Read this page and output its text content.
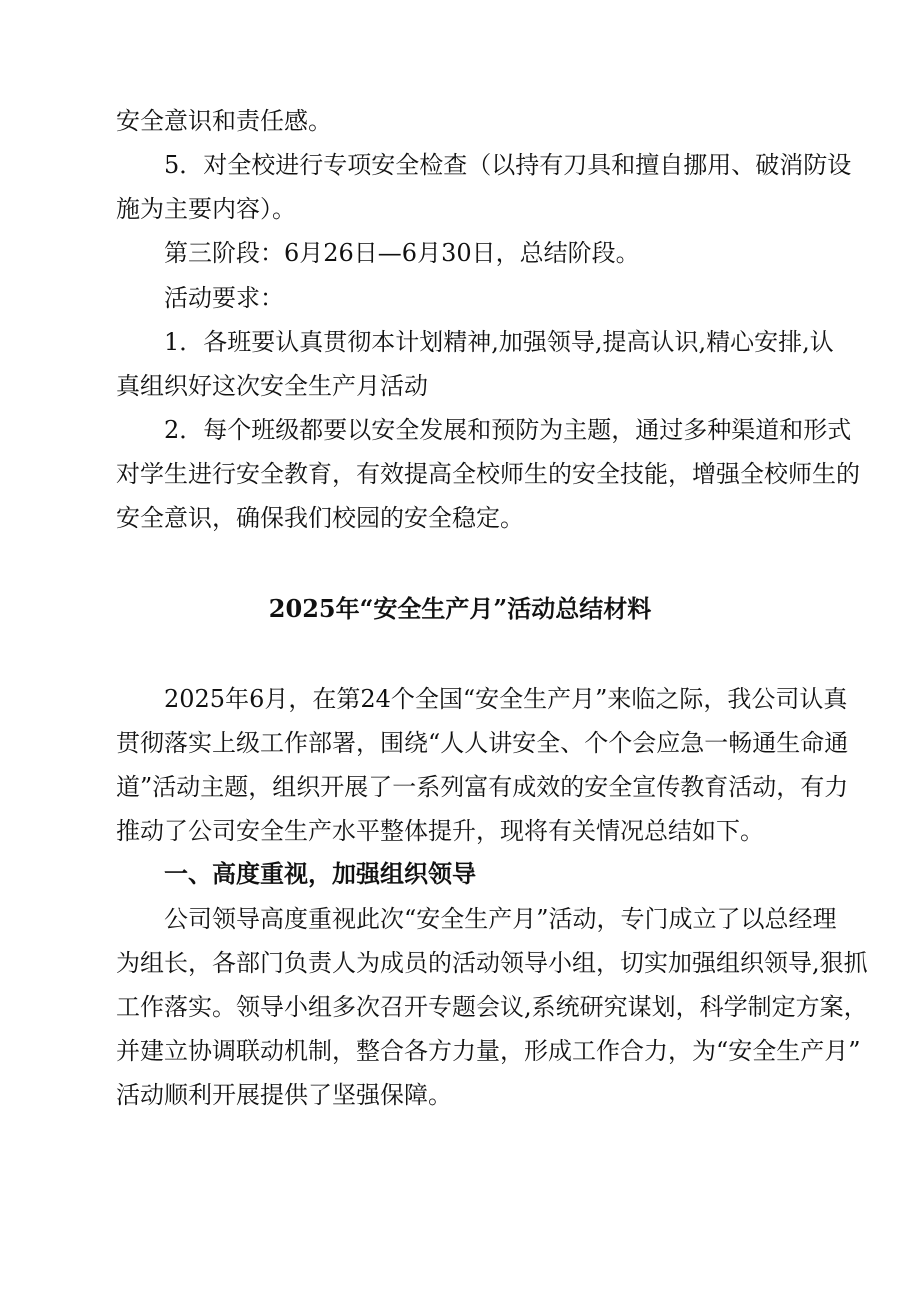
安全意识和责任感。
5．对全校进行专项安全检查（以持有刀具和擅自挪用、破消防设
施为主要内容）。
第三阶段：6月26日—6月30日，总结阶段。
活动要求：
1．各班要认真贯彻本计划精神,加强领导,提高认识,精心安排,认
真组织好这次安全生产月活动
2．每个班级都要以安全发展和预防为主题，通过多种渠道和形式
对学生进行安全教育，有效提高全校师生的安全技能，增强全校师生的
安全意识，确保我们校园的安全稳定。
2025年“安全生产月”活动总结材料
2025年6月，在第24个全国“安全生产月”来临之际，我公司认真
贯彻落实上级工作部署，围绕“人人讲安全、个个会应急一畅通生命通
道”活动主题，组织开展了一系列富有成效的安全宣传教育活动，有力
推动了公司安全生产水平整体提升，现将有关情况总结如下。
一、高度重视，加强组织领导
公司领导高度重视此次“安全生产月”活动，专门成立了以总经理
为组长，各部门负责人为成员的活动领导小组，切实加强组织领导,狠抓
工作落实。领导小组多次召开专题会议,系统研究谋划，科学制定方案，
并建立协调联动机制，整合各方力量，形成工作合力，为“安全生产月”
活动顺利开展提供了坚强保障。
